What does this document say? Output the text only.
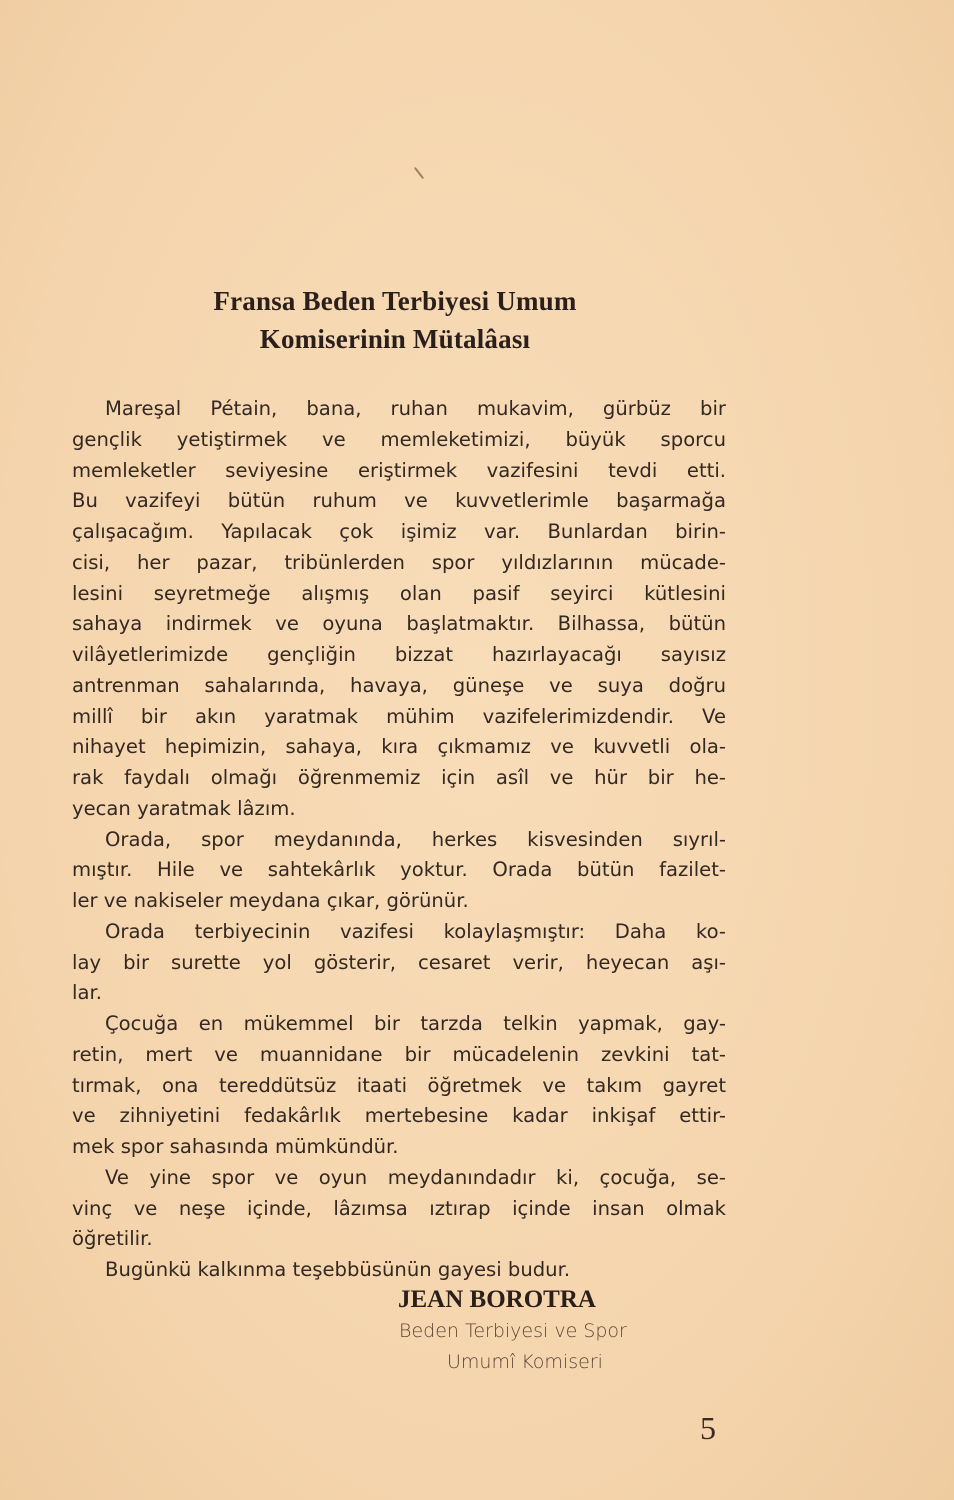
Fransa Beden Terbiyesi Umum
Komiserinin Mütalâası
Mareşal Pétain, bana, ruhan mukavim, gürbüz bir
gençlik yetiştirmek ve memleketimizi, büyük sporcu
memleketler seviyesine eriştirmek vazifesini tevdi etti.
Bu vazifeyi bütün ruhum ve kuvvetlerimle başarmağa
çalışacağım. Yapılacak çok işimiz var. Bunlardan birin-
cisi, her pazar, tribünlerden spor yıldızlarının mücade-
lesini seyretmeğe alışmış olan pasif seyirci kütlesini
sahaya indirmek ve oyuna başlatmaktır. Bilhassa, bütün
vilâyetlerimizde gençliğin bizzat hazırlayacağı sayısız
antrenman sahalarında, havaya, güneşe ve suya doğru
millî bir akın yaratmak mühim vazifelerimizdendir. Ve
nihayet hepimizin, sahaya, kıra çıkmamız ve kuvvetli ola-
rak faydalı olmağı öğrenmemiz için asîl ve hür bir he-
yecan yaratmak lâzım.
Orada, spor meydanında, herkes kisvesinden sıyrıl-
mıştır. Hile ve sahtekârlık yoktur. Orada bütün fazilet-
ler ve nakiseler meydana çıkar, görünür.
Orada terbiyecinin vazifesi kolaylaşmıştır: Daha ko-
lay bir surette yol gösterir, cesaret verir, heyecan aşı-
lar.
Çocuğa en mükemmel bir tarzda telkin yapmak, gay-
retin, mert ve muannidane bir mücadelenin zevkini tat-
tırmak, ona tereddütsüz itaati öğretmek ve takım gayret
ve zihniyetini fedakârlık mertebesine kadar inkişaf ettir-
mek spor sahasında mümkündür.
Ve yine spor ve oyun meydanındadır ki, çocuğa, se-
vinç ve neşe içinde, lâzımsa ıztırap içinde insan olmak
öğretilir.
Bugünkü kalkınma teşebbüsünün gayesi budur.
JEAN BOROTRA
Beden Terbiyesi ve Spor
Umumî Komiseri
5
